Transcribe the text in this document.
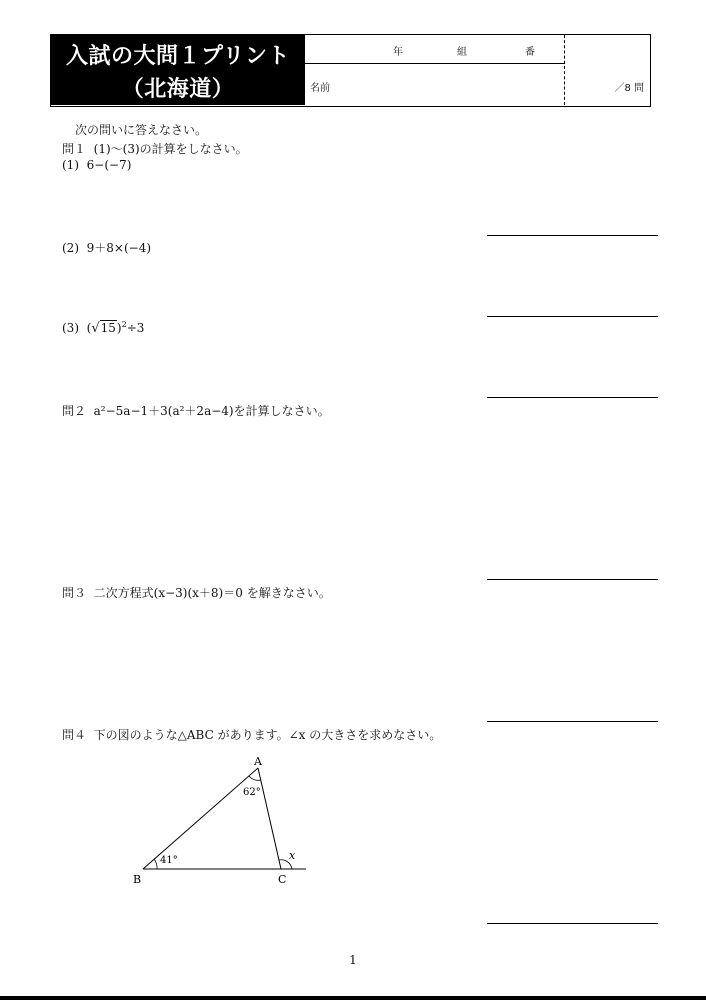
入試の大問１プリント
（北海道）
年	組	番
名前	／8 問
次の問いに答えなさい。
問１ (1)〜(3)の計算をしなさい。
(1) 6−(−7)
(2) 9＋8×(−4)
(3) $(√15)^2\div 3$
問２ a²−5a−1＋3(a²＋2a−4)を計算しなさい。
問３ 二次方程式(x−3)(x＋8)＝0 を解きなさい。
問４ 下の図のような△ABC があります。∠x の大きさを求めなさい。
A
B	C
62°
41°	x
1
